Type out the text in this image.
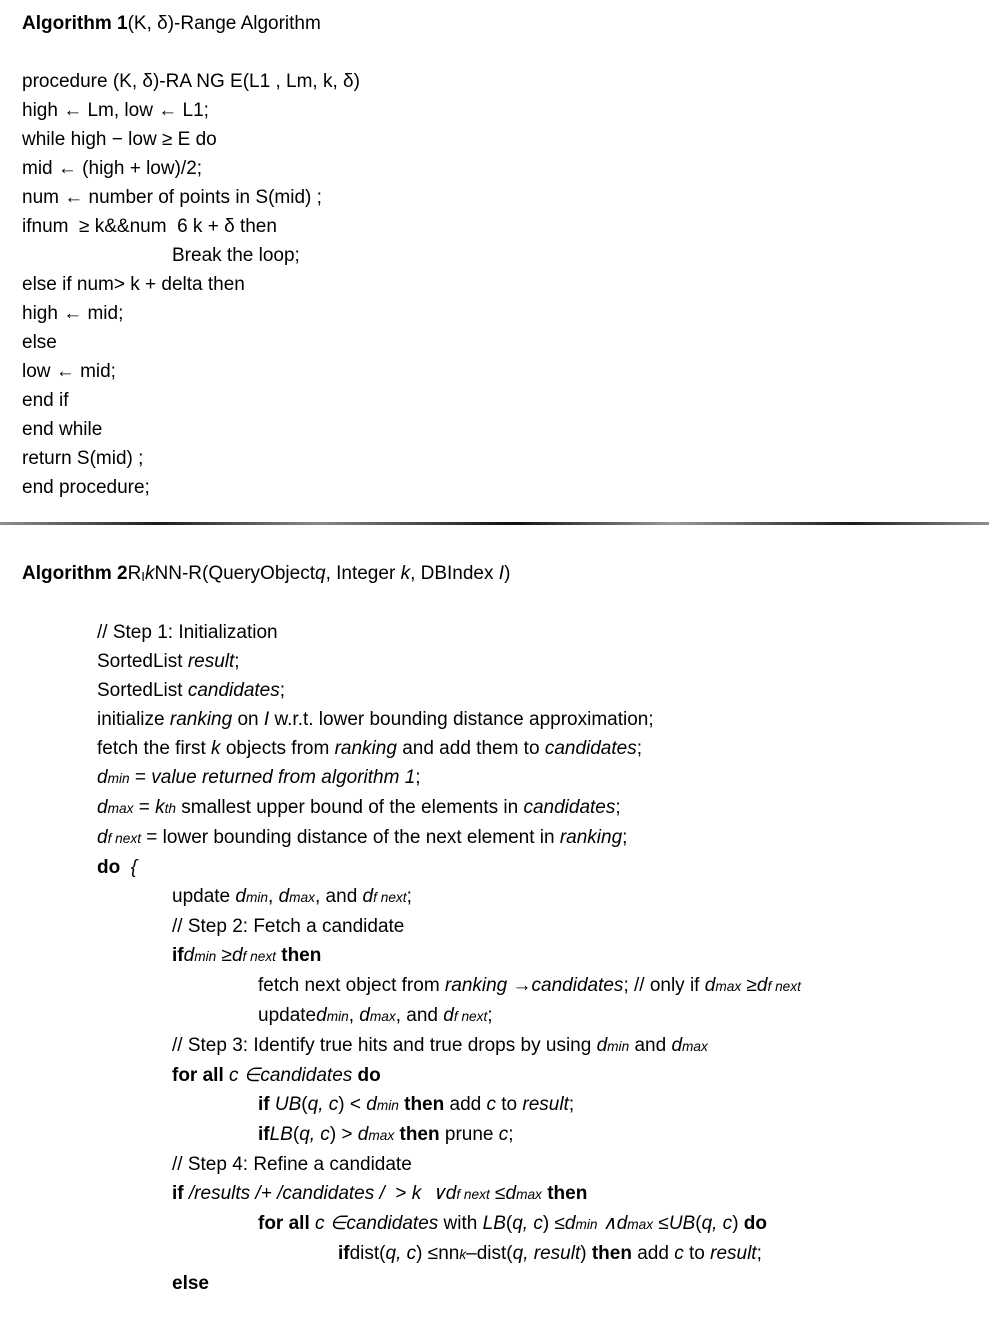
Algorithm 1(K, δ)-Range Algorithm

procedure (K, δ)-RA NG E(L1 , Lm, k, δ)
high ← Lm, low ← L1;
while high − low ≥ E do
mid ← (high + low)/2;
num ← number of points in S(mid) ;
ifnum  ≥ k&&num  6 k + δ then
Break the loop;
else if num> k + delta then
high ← mid;
else
low ← mid;
end if
end while
return S(mid) ;
end procedure;
Algorithm 2RIkNN-R(QueryObjectq, Integer k, DBIndex I)

// Step 1: Initialization
SortedList result;
SortedList candidates;
initialize ranking on I w.r.t. lower bounding distance approximation;
fetch the first k objects from ranking and add them to candidates;
dmin = value returned from algorithm 1;
dmax = kth smallest upper bound of the elements in candidates;
df next = lower bounding distance of the next element in ranking;
do {
update dmin, dmax, and df next;
// Step 2: Fetch a candidate
ifdmin ≥df next then
fetch next object from ranking →candidates; // only if dmax ≥df next
updatedmin, dmax, and df next;
// Step 3: Identify true hits and true drops by using dmin and dmax
for all c ∈candidates do
if UB(q, c) < dmin then add c to result;
ifLB(q, c) > dmax then prune c;
// Step 4: Refine a candidate
if /results /+ /candidates /  > k ∨df next ≤dmax then
for all c ∈candidates with LB(q, c) ≤dmin ∧dmax ≤UB(q, c) do
ifdist(q, c) ≤nnk–dist(q, result) then add c to result;
else
